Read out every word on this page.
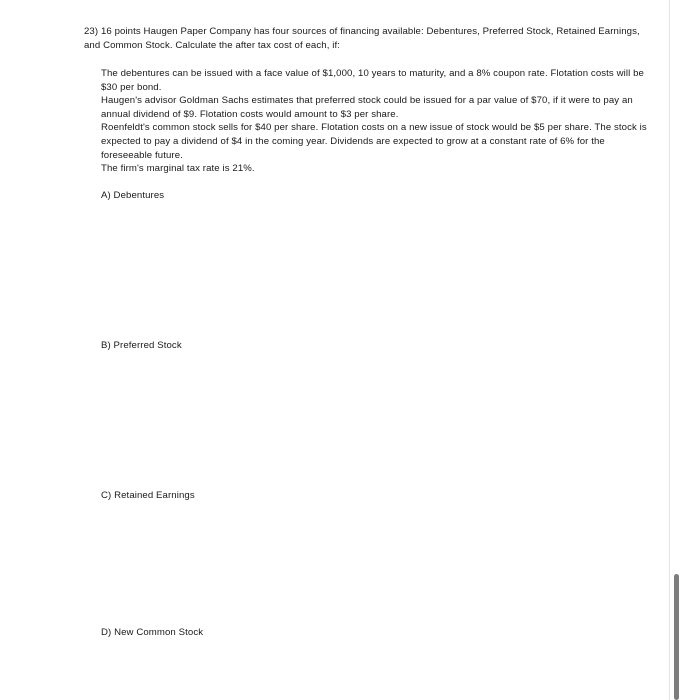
23) 16 points Haugen Paper Company has four sources of financing available: Debentures, Preferred Stock, Retained Earnings, and Common Stock. Calculate the after tax cost of each, if:

The debentures can be issued with a face value of $1,000, 10 years to maturity, and a 8% coupon rate. Flotation costs will be $30 per bond.

Haugen's advisor Goldman Sachs estimates that preferred stock could be issued for a par value of $70, if it were to pay an annual dividend of $9. Flotation costs would amount to $3 per share.

Roenfeldt's common stock sells for $40 per share. Flotation costs on a new issue of stock would be $5 per share. The stock is expected to pay a dividend of $4 in the coming year. Dividends are expected to grow at a constant rate of 6% for the foreseeable future.

The firm's marginal tax rate is 21%.

A) Debentures
B) Preferred Stock
C) Retained Earnings
D) New Common Stock
